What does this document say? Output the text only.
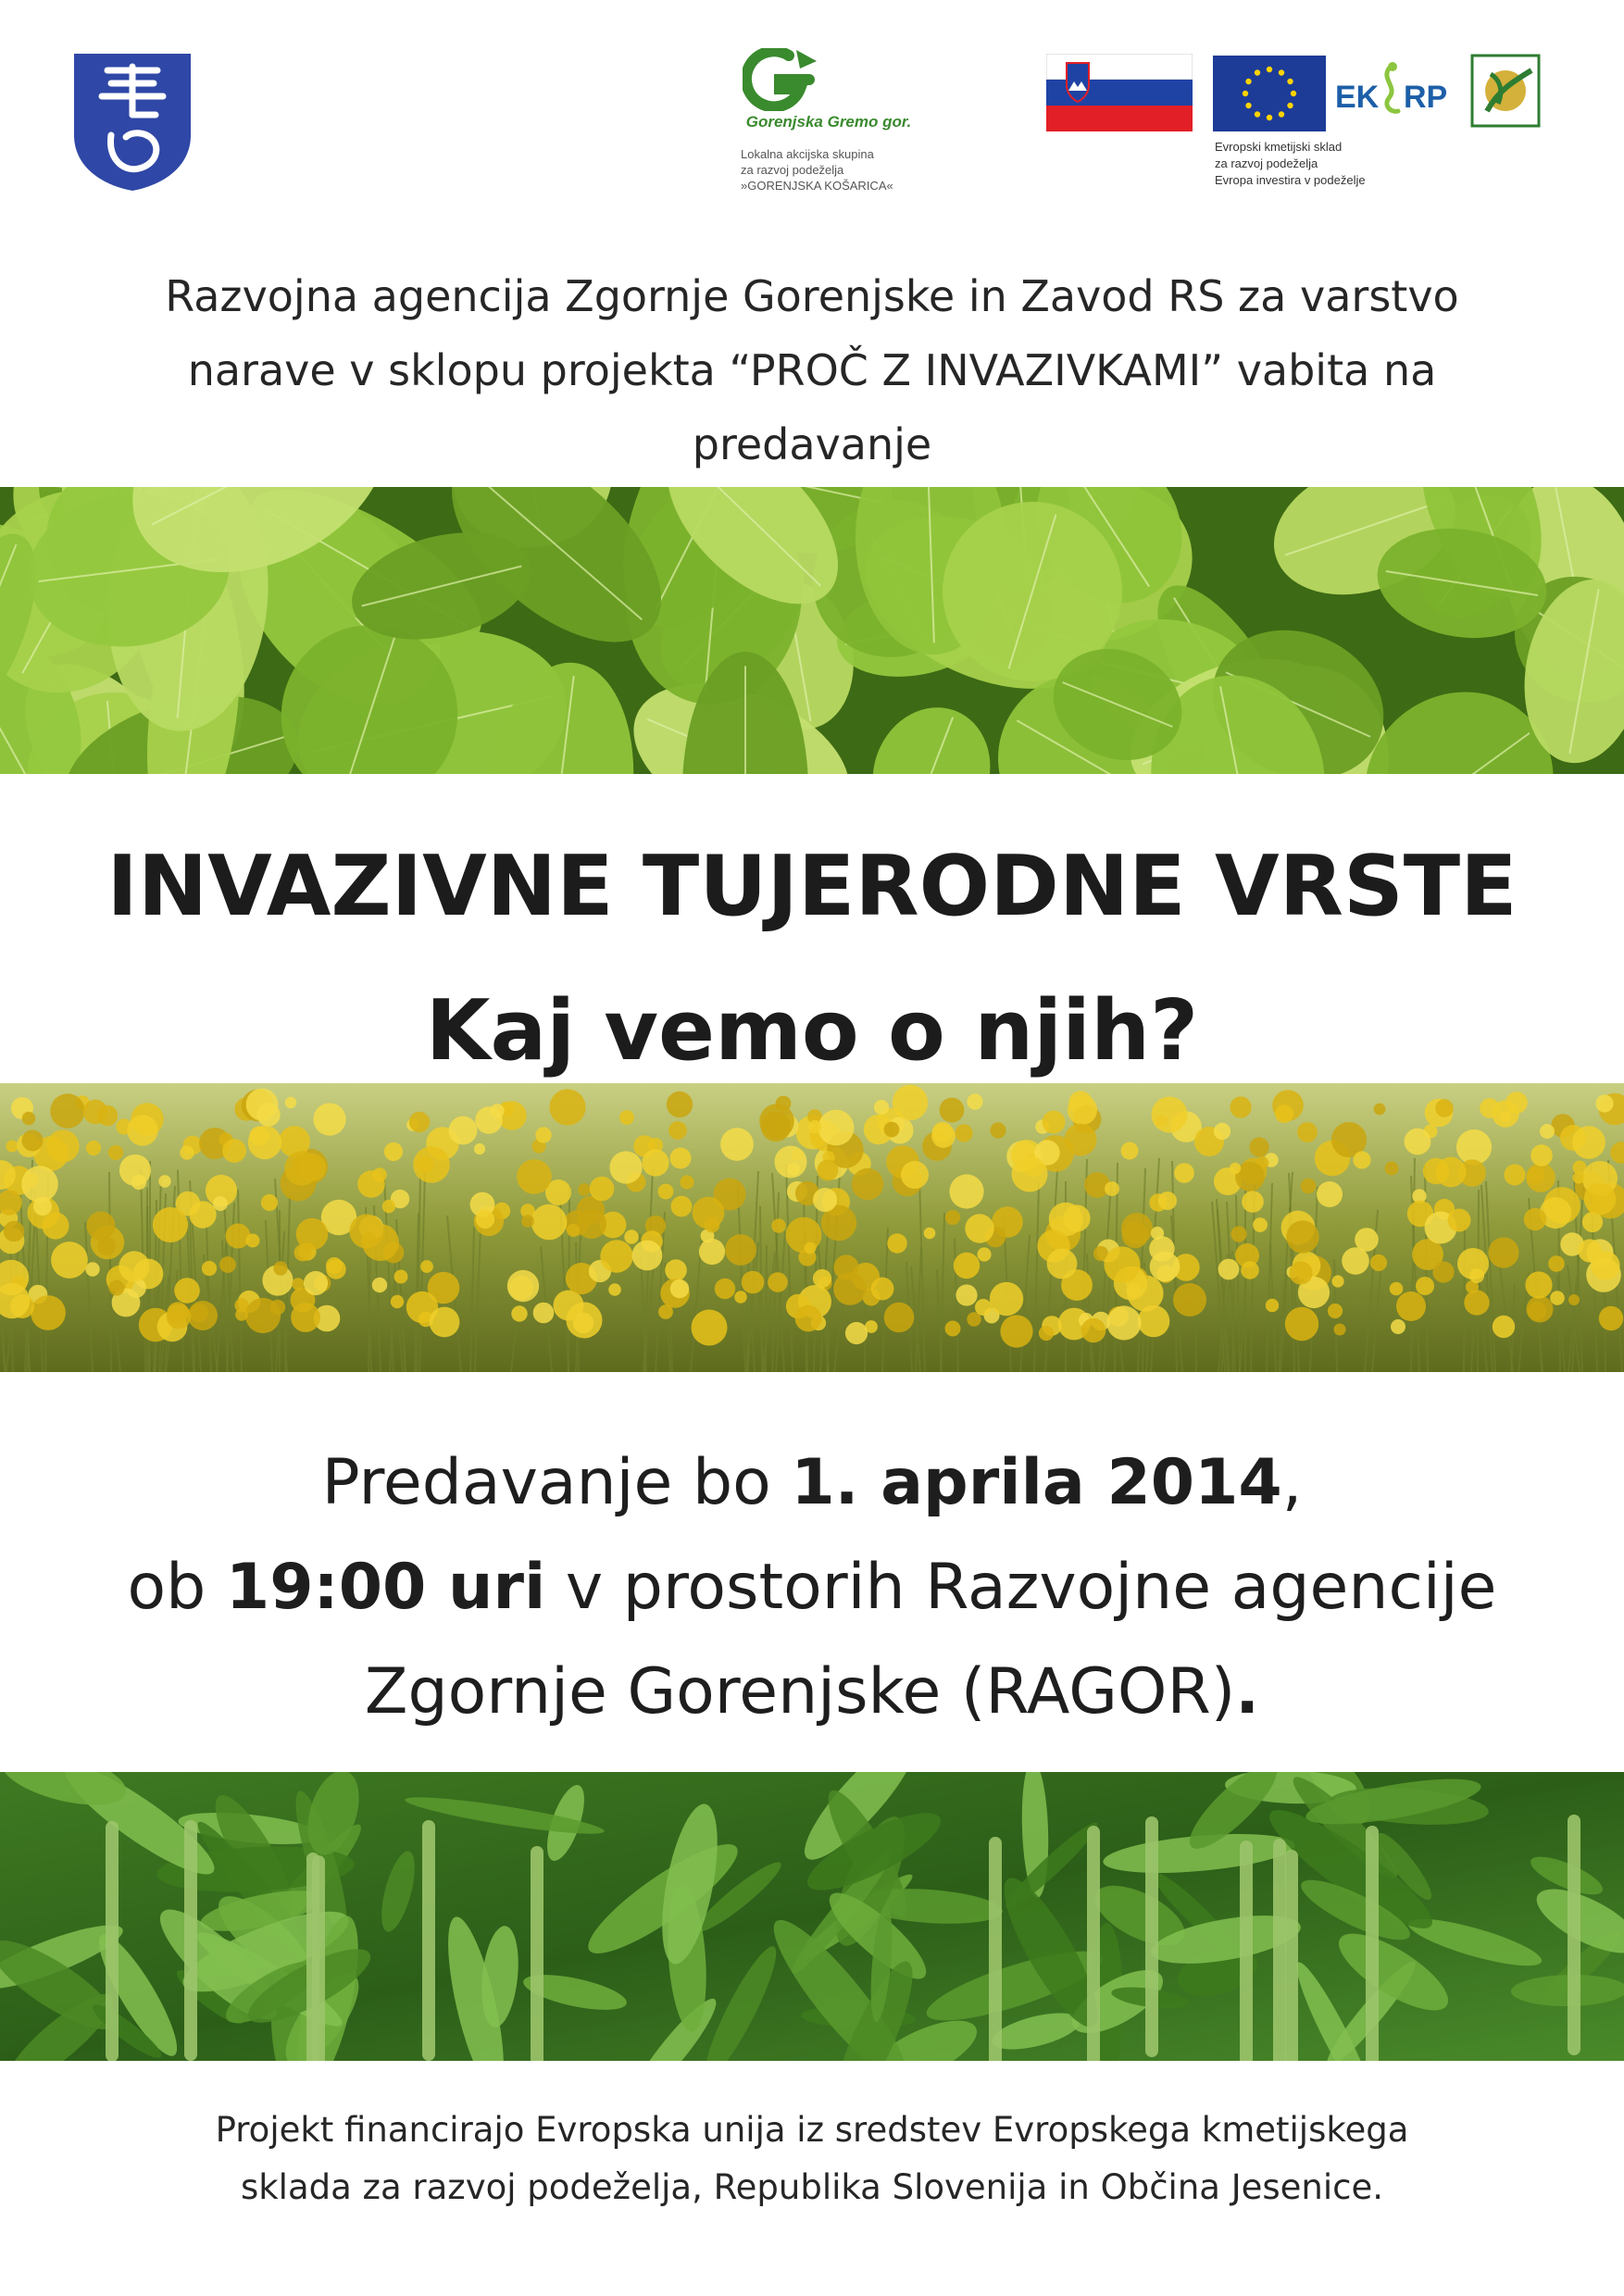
Gorenjska Gremo gor.
Lokalna akcijska skupina
za razvoj podeželja
»GORENJSKA KOŠARICA«
EK RP
Evropski kmetijski sklad
za razvoj podeželja
Evropa investira v podeželje
Razvojna agencija Zgornje Gorenjske in Zavod RS za varstvo
narave v sklopu projekta “PROČ Z INVAZIVKAMI” vabita na
predavanje
INVAZIVNE TUJERODNE VRSTE
Kaj vemo o njih?
Predavanje bo 1. aprila 2014,
ob 19:00 uri v prostorih Razvojne agencije
Zgornje Gorenjske (RAGOR).
Projekt financirajo Evropska unija iz sredstev Evropskega kmetijskega
sklada za razvoj podeželja, Republika Slovenija in Občina Jesenice.
